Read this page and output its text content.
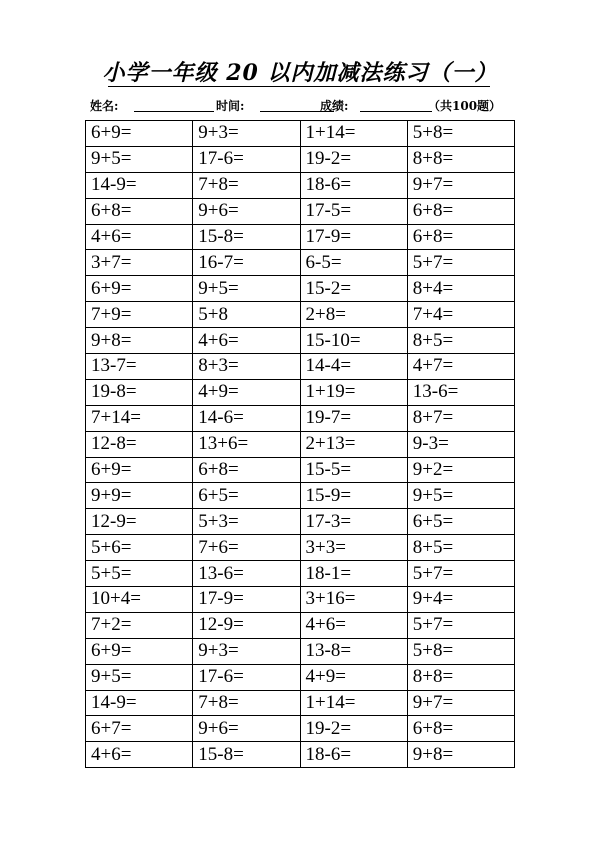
小学一年级 20 以内加减法练习（一）
姓名:	时间:	成绩:	（共100题）
6+9=	9+3=	1+14=	5+8=
9+5=	17-6=	19-2=	8+8=
14-9=	7+8=	18-6=	9+7=
6+8=	9+6=	17-5=	6+8=
4+6=	15-8=	17-9=	6+8=
3+7=	16-7=	6-5=	5+7=
6+9=	9+5=	15-2=	8+4=
7+9=	5+8	2+8=	7+4=
9+8=	4+6=	15-10=	8+5=
13-7=	8+3=	14-4=	4+7=
19-8=	4+9=	1+19=	13-6=
7+14=	14-6=	19-7=	8+7=
12-8=	13+6=	2+13=	9-3=
6+9=	6+8=	15-5=	9+2=
9+9=	6+5=	15-9=	9+5=
12-9=	5+3=	17-3=	6+5=
5+6=	7+6=	3+3=	8+5=
5+5=	13-6=	18-1=	5+7=
10+4=	17-9=	3+16=	9+4=
7+2=	12-9=	4+6=	5+7=
6+9=	9+3=	13-8=	5+8=
9+5=	17-6=	4+9=	8+8=
14-9=	7+8=	1+14=	9+7=
6+7=	9+6=	19-2=	6+8=
4+6=	15-8=	18-6=	9+8=
